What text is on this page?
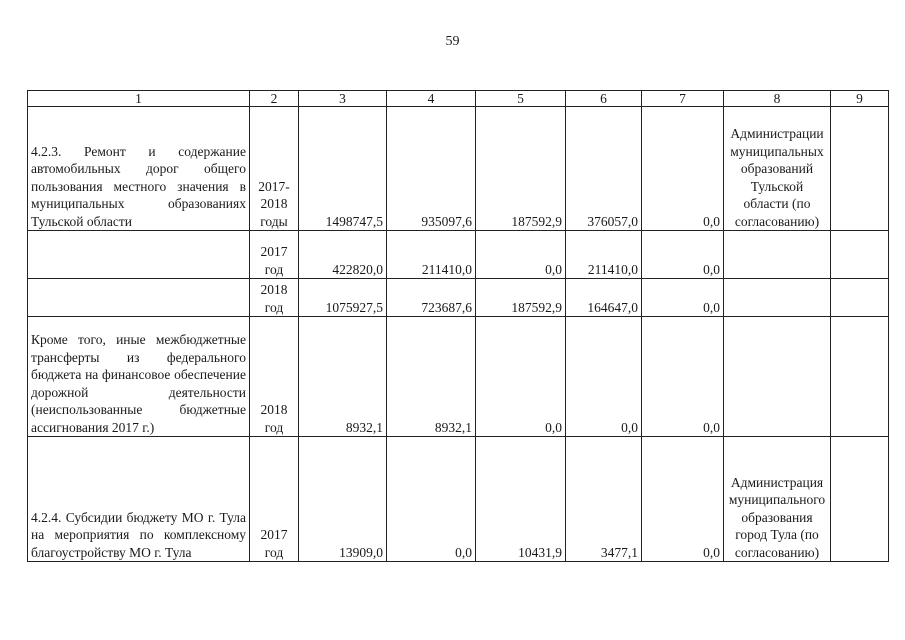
59
1	2	3	4	5	6	7	8	9
4.2.3. Ремонт и содержание автомобильных дорог общего пользования местного значения в муниципальных образованиях Тульской области	2017-2018 годы	1498747,5	935097,6	187592,9	376057,0	0,0	Администрации муниципальных образований Тульской области (по согласованию)	
	2017 год	422820,0	211410,0	0,0	211410,0	0,0		
	2018 год	1075927,5	723687,6	187592,9	164647,0	0,0		
Кроме того, иные межбюджетные трансферты из федерального бюджета на финансовое обеспечение дорожной деятельности (неиспользованные бюджетные ассигнования 2017 г.)	2018 год	8932,1	8932,1	0,0	0,0	0,0		
4.2.4. Субсидии бюджету МО г. Тула на мероприятия по комплексному благоустройству МО г. Тула	2017 год	13909,0	0,0	10431,9	3477,1	0,0	Администрация муниципального образования город Тула (по согласованию)	
